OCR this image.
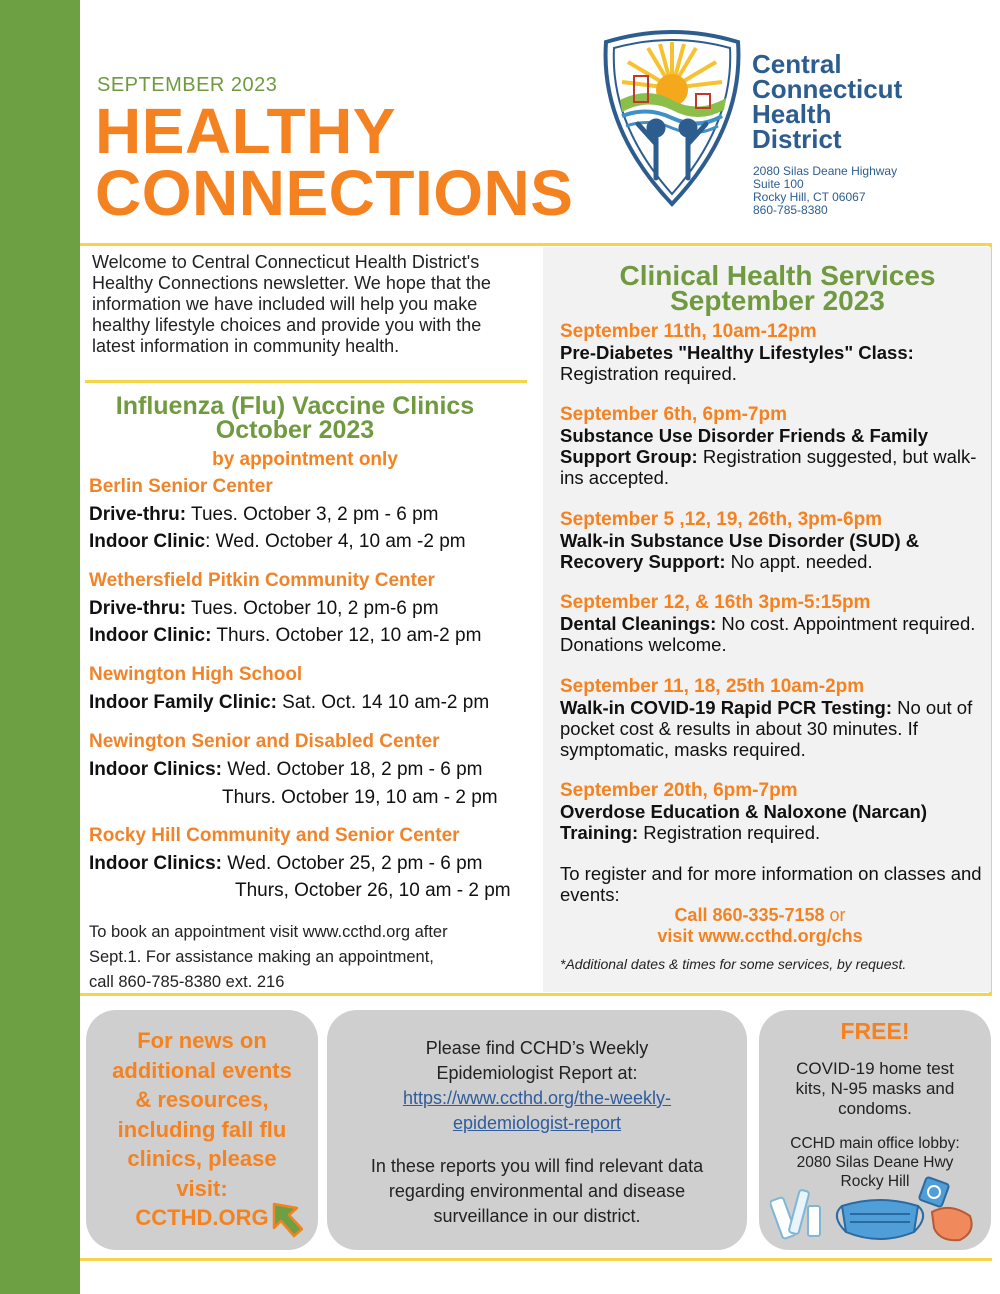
SEPTEMBER 2023
HEALTHY
CONNECTIONS
Central
Connecticut
Health
District
2080 Silas Deane Highway
Suite 100
Rocky Hill, CT 06067
860-785-8380
Welcome to Central Connecticut Health District's Healthy Connections newsletter. We hope that the information we have included will help you make healthy lifestyle choices and provide you with the latest information in community health.
Influenza (Flu) Vaccine Clinics
October 2023
by appointment only
Berlin Senior Center
Drive-thru: Tues. October 3, 2 pm - 6 pm
Indoor Clinic: Wed. October 4, 10 am -2 pm
Wethersfield Pitkin Community Center
Drive-thru: Tues. October 10, 2 pm-6 pm
Indoor Clinic: Thurs. October 12, 10 am-2 pm
Newington High School
Indoor Family Clinic: Sat. Oct. 14 10 am-2 pm
Newington Senior and Disabled Center
Indoor Clinics: Wed. October 18, 2 pm - 6 pm
Thurs. October 19, 10 am - 2 pm
Rocky Hill Community and Senior Center
Indoor Clinics: Wed. October 25, 2 pm - 6 pm
Thurs, October 26, 10 am - 2 pm
To book an appointment visit www.ccthd.org after
Sept.1. For assistance making an appointment,
call 860-785-8380 ext. 216
Clinical Health Services
September 2023
September 11th, 10am-12pm
Pre-Diabetes "Healthy Lifestyles" Class: Registration required.
September 6th, 6pm-7pm
Substance Use Disorder Friends & Family Support Group: Registration suggested, but walk-ins accepted.
September 5 ,12, 19, 26th, 3pm-6pm
Walk-in Substance Use Disorder (SUD) & Recovery Support: No appt. needed.
September 12, & 16th 3pm-5:15pm
Dental Cleanings: No cost. Appointment required. Donations welcome.
September 11, 18, 25th 10am-2pm
Walk-in COVID-19 Rapid PCR Testing: No out of pocket cost & results in about 30 minutes. If symptomatic, masks required.
September 20th, 6pm-7pm
Overdose Education & Naloxone (Narcan) Training: Registration required.
To register and for more information on classes and events:
Call 860-335-7158 or
visit www.ccthd.org/chs
*Additional dates & times for some services, by request.
For news on
additional events
& resources,
including fall flu
clinics, please
visit:
CCTHD.ORG
Please find CCHD’s Weekly
Epidemiologist Report at:
https://www.ccthd.org/the-weekly-
epidemiologist-report
In these reports you will find relevant data
regarding environmental and disease
surveillance in our district.
FREE!
COVID-19 home test
kits, N-95 masks and
condoms.
CCHD main office lobby:
2080 Silas Deane Hwy
Rocky Hill
